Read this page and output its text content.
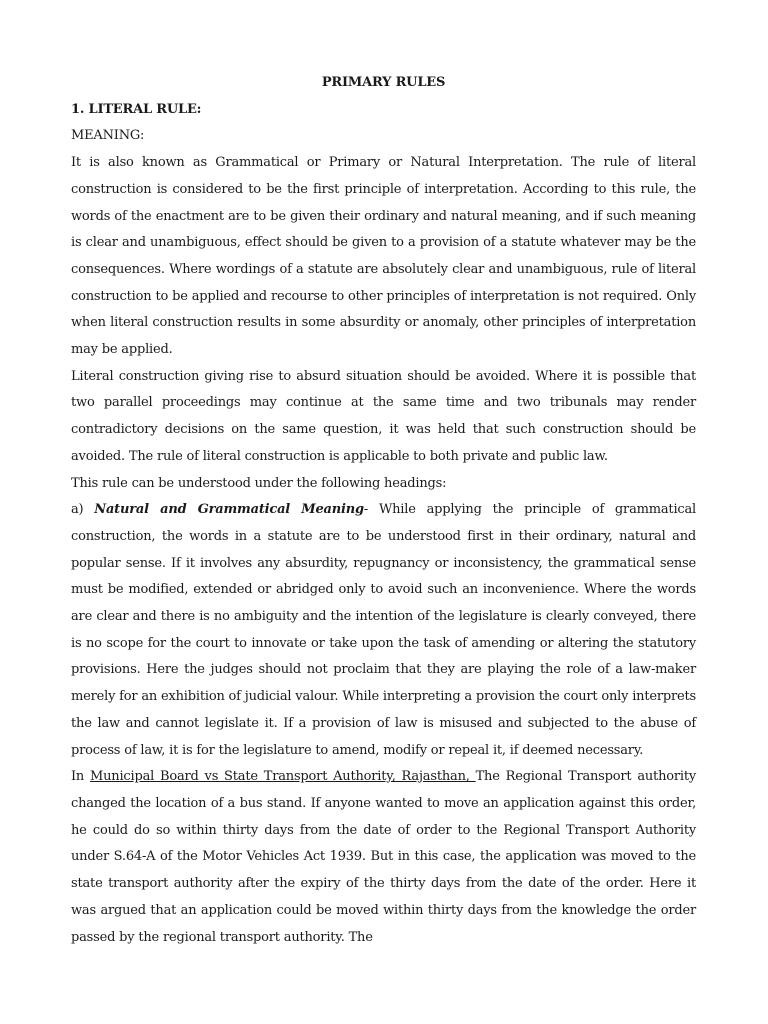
PRIMARY RULES

1. LITERAL RULE:

MEANING:

It is also known as Grammatical or Primary or Natural Interpretation. The rule of literal construction is considered to be the first principle of interpretation. According to this rule, the words of the enactment are to be given their ordinary and natural meaning, and if such meaning is clear and unambiguous, effect should be given to a provision of a statute whatever may be the consequences. Where wordings of a statute are absolutely clear and unambiguous, rule of literal construction to be applied and recourse to other principles of interpretation is not required. Only when literal construction results in some absurdity or anomaly, other principles of interpretation may be applied.

Literal construction giving rise to absurd situation should be avoided. Where it is possible that two parallel proceedings may continue at the same time and two tribunals may render contradictory decisions on the same question, it was held that such construction should be avoided. The rule of literal construction is applicable to both private and public law.

This rule can be understood under the following headings:

a) Natural and Grammatical Meaning- While applying the principle of grammatical construction, the words in a statute are to be understood first in their ordinary, natural and popular sense. If it involves any absurdity, repugnancy or inconsistency, the grammatical sense must be modified, extended or abridged only to avoid such an inconvenience. Where the words are clear and there is no ambiguity and the intention of the legislature is clearly conveyed, there is no scope for the court to innovate or take upon the task of amending or altering the statutory provisions. Here the judges should not proclaim that they are playing the role of a law-maker merely for an exhibition of judicial valour. While interpreting a provision the court only interprets the law and cannot legislate it. If a provision of law is misused and subjected to the abuse of process of law, it is for the legislature to amend, modify or repeal it, if deemed necessary.

In Municipal Board vs State Transport Authority, Rajasthan, The Regional Transport authority changed the location of a bus stand. If anyone wanted to move an application against this order, he could do so within thirty days from the date of order to the Regional Transport Authority under S.64-A of the Motor Vehicles Act 1939. But in this case, the application was moved to the state transport authority after the expiry of the thirty days from the date of the order. Here it was argued that an application could be moved within thirty days from the knowledge the order passed by the regional transport authority. The
